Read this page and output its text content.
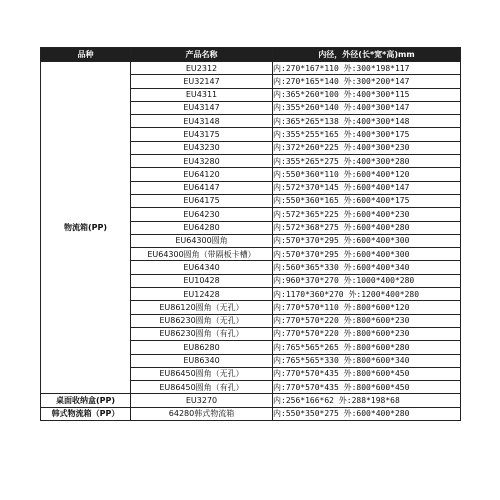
品种	产品名称	内径，外径(长*宽*高)mm
物流箱(PP)	EU2312	内:270*167*110 外:300*198*117
	EU32147	内:270*165*140 外:300*200*147
	EU4311	内:365*260*100 外:400*300*115
	EU43147	内:355*260*140 外:400*300*147
	EU43148	内:365*265*138 外:400*300*148
	EU43175	内:355*255*165 外:400*300*175
	EU43230	内:372*260*225 外:400*300*230
	EU43280	内:355*265*275 外:400*300*280
	EU64120	内:550*360*110 外:600*400*120
	EU64147	内:572*370*145 外:600*400*147
	EU64175	内:550*360*165 外:600*400*175
	EU64230	内:572*365*225 外:600*400*230
	EU64280	内:572*368*275 外:600*400*280
	EU64300圆角	内:570*370*295 外:600*400*300
	EU64300圆角（带隔板卡槽）	内:570*370*295 外:600*400*300
	EU64340	内:560*365*330 外:600*400*340
	EU10428	内:960*370*270 外:1000*400*280
	EU12428	内:1170*360*270 外:1200*400*280
	EU86120圆角（无孔）	内:770*570*110 外:800*600*120
	EU86230圆角（无孔）	内:770*570*220 外:800*600*230
	EU86230圆角（有孔）	内:770*570*220 外:800*600*230
	EU86280	内:765*565*265 外:800*600*280
	EU86340	内:765*565*330 外:800*600*340
	EU86450圆角（无孔）	内:770*570*435 外:800*600*450
	EU86450圆角（有孔）	内:770*570*435 外:800*600*450
桌面收纳盒(PP)	EU3270	内:256*166*62 外:288*198*68
韩式物流箱（PP）	64280韩式物流箱	内:550*350*275 外:600*400*280
